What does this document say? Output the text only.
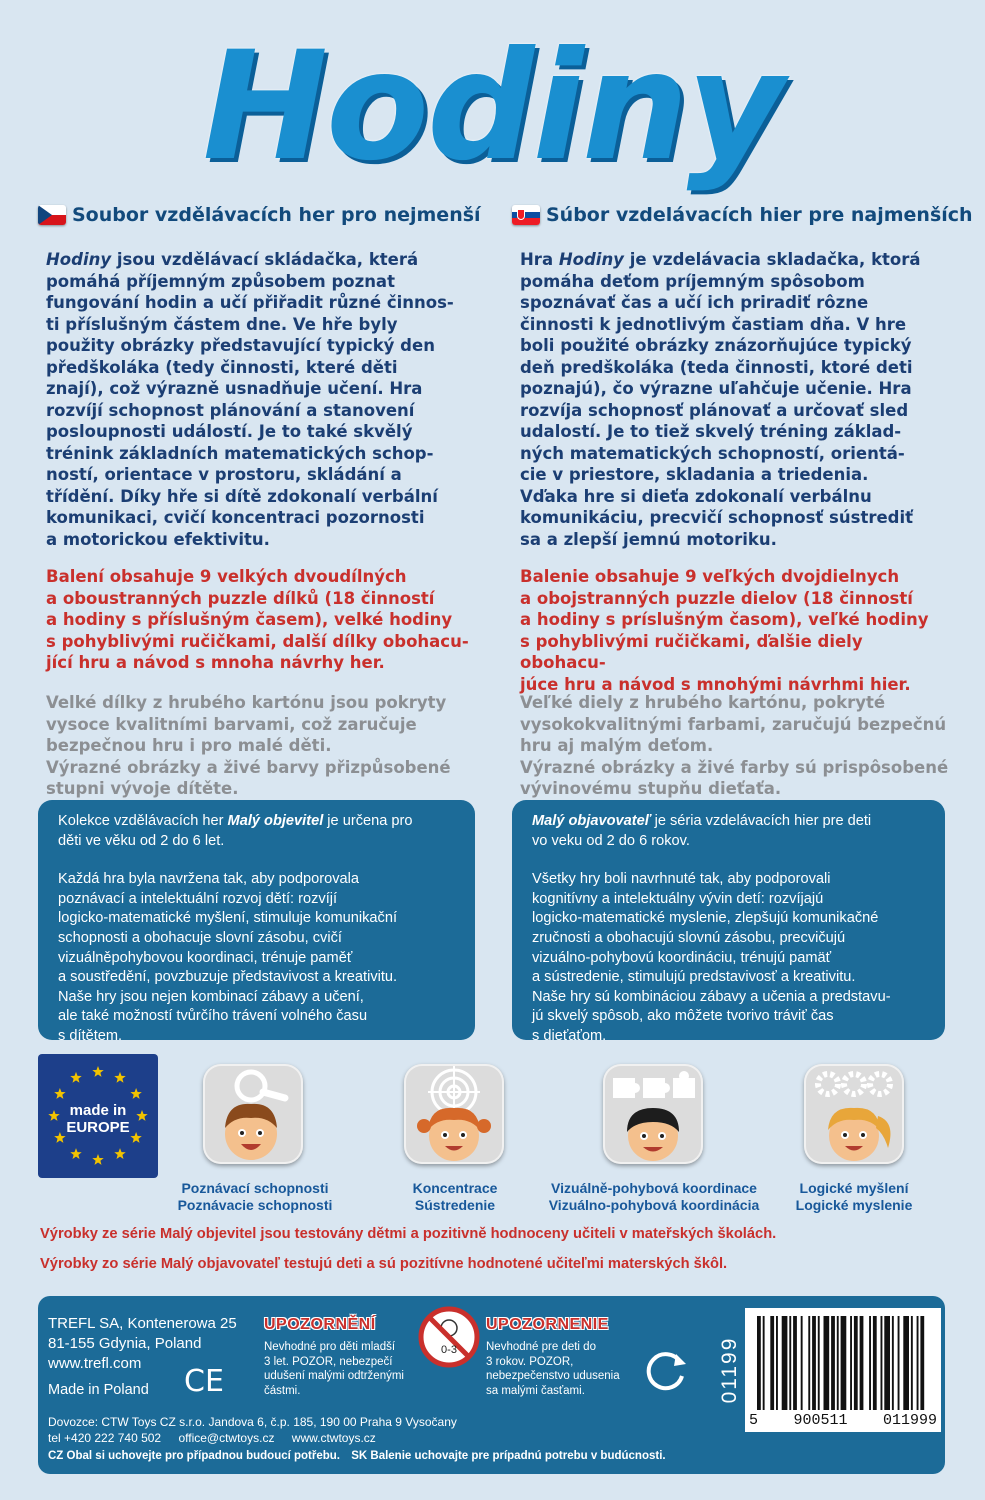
Hodiny
Soubor vzdělávacích her pro nejmenší	Súbor vzdelávacích hier pre najmenších
Hodiny jsou vzdělávací skládačka, která
pomáhá příjemným způsobem poznat
fungování hodin a učí přiřadit různé činnos-
ti příslušným částem dne. Ve hře byly
použity obrázky představující typický den
předškoláka (tedy činnosti, které děti
znají), což výrazně usnadňuje učení. Hra
rozvíjí schopnost plánování a stanovení
posloupnosti událostí. Je to také skvělý
trénink základních matematických schop-
ností, orientace v prostoru, skládání a
třídění. Díky hře si dítě zdokonalí verbální
komunikaci, cvičí koncentraci pozornosti
a motorickou efektivitu.
Balení obsahuje 9 velkých dvoudílných
a oboustranných puzzle dílků (18 činností
a hodiny s příslušným časem), velké hodiny
s pohyblivými ručičkami, další dílky obohacu-
jící hru a návod s mnoha návrhy her.
Velké dílky z hrubého kartónu jsou pokryty
vysoce kvalitními barvami, což zaručuje
bezpečnou hru i pro malé děti.
Výrazné obrázky a živé barvy přizpůsobené
stupni vývoje dítěte.
Hra Hodiny je vzdelávacia skladačka, ktorá
pomáha deťom príjemným spôsobom
spoznávať čas a učí ich priradiť rôzne
činnosti k jednotlivým častiam dňa. V hre
boli použité obrázky znázorňujúce typický
deň predškoláka (teda činnosti, ktoré deti
poznajú), čo výrazne uľahčuje učenie. Hra
rozvíja schopnosť plánovať a určovať sled
udalostí. Je to tiež skvelý tréning základ-
ných matematických schopností, orientá-
cie v priestore, skladania a triedenia.
Vďaka hre si dieťa zdokonalí verbálnu
komunikáciu, precvičí schopnosť sústrediť
sa a zlepší jemnú motoriku.
Balenie obsahuje 9 veľkých dvojdielnych
a obojstranných puzzle dielov (18 činností
a hodiny s príslušným časom), veľké hodiny
s pohyblivými ručičkami, ďalšie diely obohacu-
júce hru a návod s mnohými návrhmi hier.
Veľké diely z hrubého kartónu, pokryté
vysokokvalitnými farbami, zaručujú bezpečnú
hru aj malým deťom.
Výrazné obrázky a živé farby sú prispôsobené
vývinovému stupňu dieťaťa.

Kolekce vzdělávacích her Malý objevitel je určena pro
děti ve věku od 2 do 6 let.

Každá hra byla navržena tak, aby podporovala
poznávací a intelektuální rozvoj dětí: rozvíjí
logicko-matematické myšlení, stimuluje komunikační
schopnosti a obohacuje slovní zásobu, cvičí
vizuálněpohybovou koordinaci, trénuje paměť
a soustředění, povzbuzuje představivost a kreativitu.
Naše hry jsou nejen kombinací zábavy a učení,
ale také možností tvůrčího trávení volného času
s dítětem.

Malý objavovateľ je séria vzdelávacích hier pre deti
vo veku od 2 do 6 rokov.

Všetky hry boli navrhnuté tak, aby podporovali
kognitívny a intelektuálny vývin detí: rozvíjajú
logicko-matematické myslenie, zlepšujú komunikačné
zručnosti a obohacujú slovnú zásobu, precvičujú
vizuálno-pohybovú koordináciu, trénujú pamäť
a sústredenie, stimulujú predstavivosť a kreativitu.
Naše hry sú kombináciou zábavy a učenia a predstavu-
jú skvelý spôsob, ako môžete tvorivo tráviť čas
s dieťaťom.

made in
EUROPE
Poznávací schopnosti
Poznávacie schopnosti
Koncentrace
Sústredenie
Vizuálně-pohybová koordinace
Vizuálno-pohybová koordinácia
Logické myšlení
Logické myslenie
Výrobky ze série Malý objevitel jsou testovány dětmi a pozitivně hodnoceny učiteli v mateřských školách.
Výrobky zo série Malý objavovateľ testujú deti a sú pozitívne hodnotené učiteľmi materských škôl.
TREFL SA, Kontenerowa 25
81-155 Gdynia, Poland
www.trefl.com
Made in Poland CE
UPOZORNĚNÍ
Nevhodné pro děti mladší
3 let. POZOR, nebezpečí
udušení malými odtrženými
částmi.
0-3
UPOZORNENIE
Nevhodné pre deti do
3 rokov. POZOR,
nebezpečenstvo udusenia
sa malými časťami.	01199
5 900511 011999
Dovozce: CTW Toys CZ s.r.o. Jandova 6, č.p. 185, 190 00 Praha 9 Vysočany
tel +420 222 740 502 office@ctwtoys.cz www.ctwtoys.cz
CZ Obal si uchovejte pro případnou budoucí potřebu. SK Balenie uchovajte pre prípadnú potrebu v budúcnosti.
